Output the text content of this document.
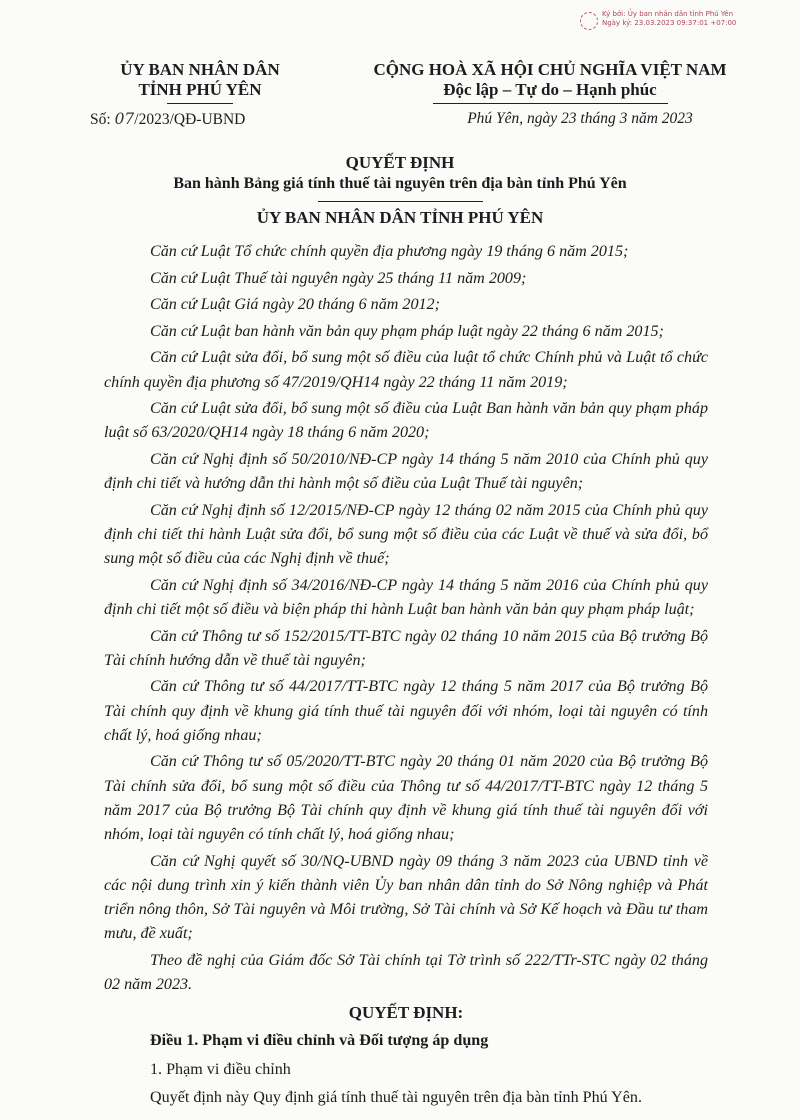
Ký bởi: Ủy ban nhân dân tỉnh Phú Yên
Ngày ký: 23.03.2023 09:37:01 +07:00
ỦY BAN NHÂN DÂN
TỈNH PHÚ YÊN
Số: 07/2023/QĐ-UBND
CỘNG HOÀ XÃ HỘI CHỦ NGHĨA VIỆT NAM
Độc lập – Tự do – Hạnh phúc
Phú Yên, ngày 23 tháng 3 năm 2023
QUYẾT ĐỊNH
Ban hành Bảng giá tính thuế tài nguyên trên địa bàn tỉnh Phú Yên
ỦY BAN NHÂN DÂN TỈNH PHÚ YÊN

Căn cứ Luật Tổ chức chính quyền địa phương ngày 19 tháng 6 năm 2015;

Căn cứ Luật Thuế tài nguyên ngày 25 tháng 11 năm 2009;

Căn cứ Luật Giá ngày 20 tháng 6 năm 2012;

Căn cứ Luật ban hành văn bản quy phạm pháp luật ngày 22 tháng 6 năm 2015;

Căn cứ Luật sửa đổi, bổ sung một số điều của luật tổ chức Chính phủ và Luật tổ chức chính quyền địa phương số 47/2019/QH14 ngày 22 tháng 11 năm 2019;

Căn cứ Luật sửa đổi, bổ sung một số điều của Luật Ban hành văn bản quy phạm pháp luật số 63/2020/QH14 ngày 18 tháng 6 năm 2020;

Căn cứ Nghị định số 50/2010/NĐ-CP ngày 14 tháng 5 năm 2010 của Chính phủ quy định chi tiết và hướng dẫn thi hành một số điều của Luật Thuế tài nguyên;

Căn cứ Nghị định số 12/2015/NĐ-CP ngày 12 tháng 02 năm 2015 của Chính phủ quy định chi tiết thi hành Luật sửa đổi, bổ sung một số điều của các Luật về thuế và sửa đổi, bổ sung một số điều của các Nghị định về thuế;

Căn cứ Nghị định số 34/2016/NĐ-CP ngày 14 tháng 5 năm 2016 của Chính phủ quy định chi tiết một số điều và biện pháp thi hành Luật ban hành văn bản quy phạm pháp luật;

Căn cứ Thông tư số 152/2015/TT-BTC ngày 02 tháng 10 năm 2015 của Bộ trưởng Bộ Tài chính hướng dẫn về thuế tài nguyên;

Căn cứ Thông tư số 44/2017/TT-BTC ngày 12 tháng 5 năm 2017 của Bộ trưởng Bộ Tài chính quy định về khung giá tính thuế tài nguyên đối với nhóm, loại tài nguyên có tính chất lý, hoá giống nhau;

Căn cứ Thông tư số 05/2020/TT-BTC ngày 20 tháng 01 năm 2020 của Bộ trưởng Bộ Tài chính sửa đổi, bổ sung một số điều của Thông tư số 44/2017/TT-BTC ngày 12 tháng 5 năm 2017 của Bộ trưởng Bộ Tài chính quy định về khung giá tính thuế tài nguyên đối với nhóm, loại tài nguyên có tính chất lý, hoá giống nhau;

Căn cứ Nghị quyết số 30/NQ-UBND ngày 09 tháng 3 năm 2023 của UBND tỉnh về các nội dung trình xin ý kiến thành viên Ủy ban nhân dân tỉnh do Sở Nông nghiệp và Phát triển nông thôn, Sở Tài nguyên và Môi trường, Sở Tài chính và Sở Kế hoạch và Đầu tư tham mưu, đề xuất;

Theo đề nghị của Giám đốc Sở Tài chính tại Tờ trình số 222/TTr-STC ngày 02 tháng 02 năm 2023.

QUYẾT ĐỊNH:

Điều 1. Phạm vi điều chỉnh và Đối tượng áp dụng

1. Phạm vi điều chỉnh

Quyết định này Quy định giá tính thuế tài nguyên trên địa bàn tỉnh Phú Yên.
